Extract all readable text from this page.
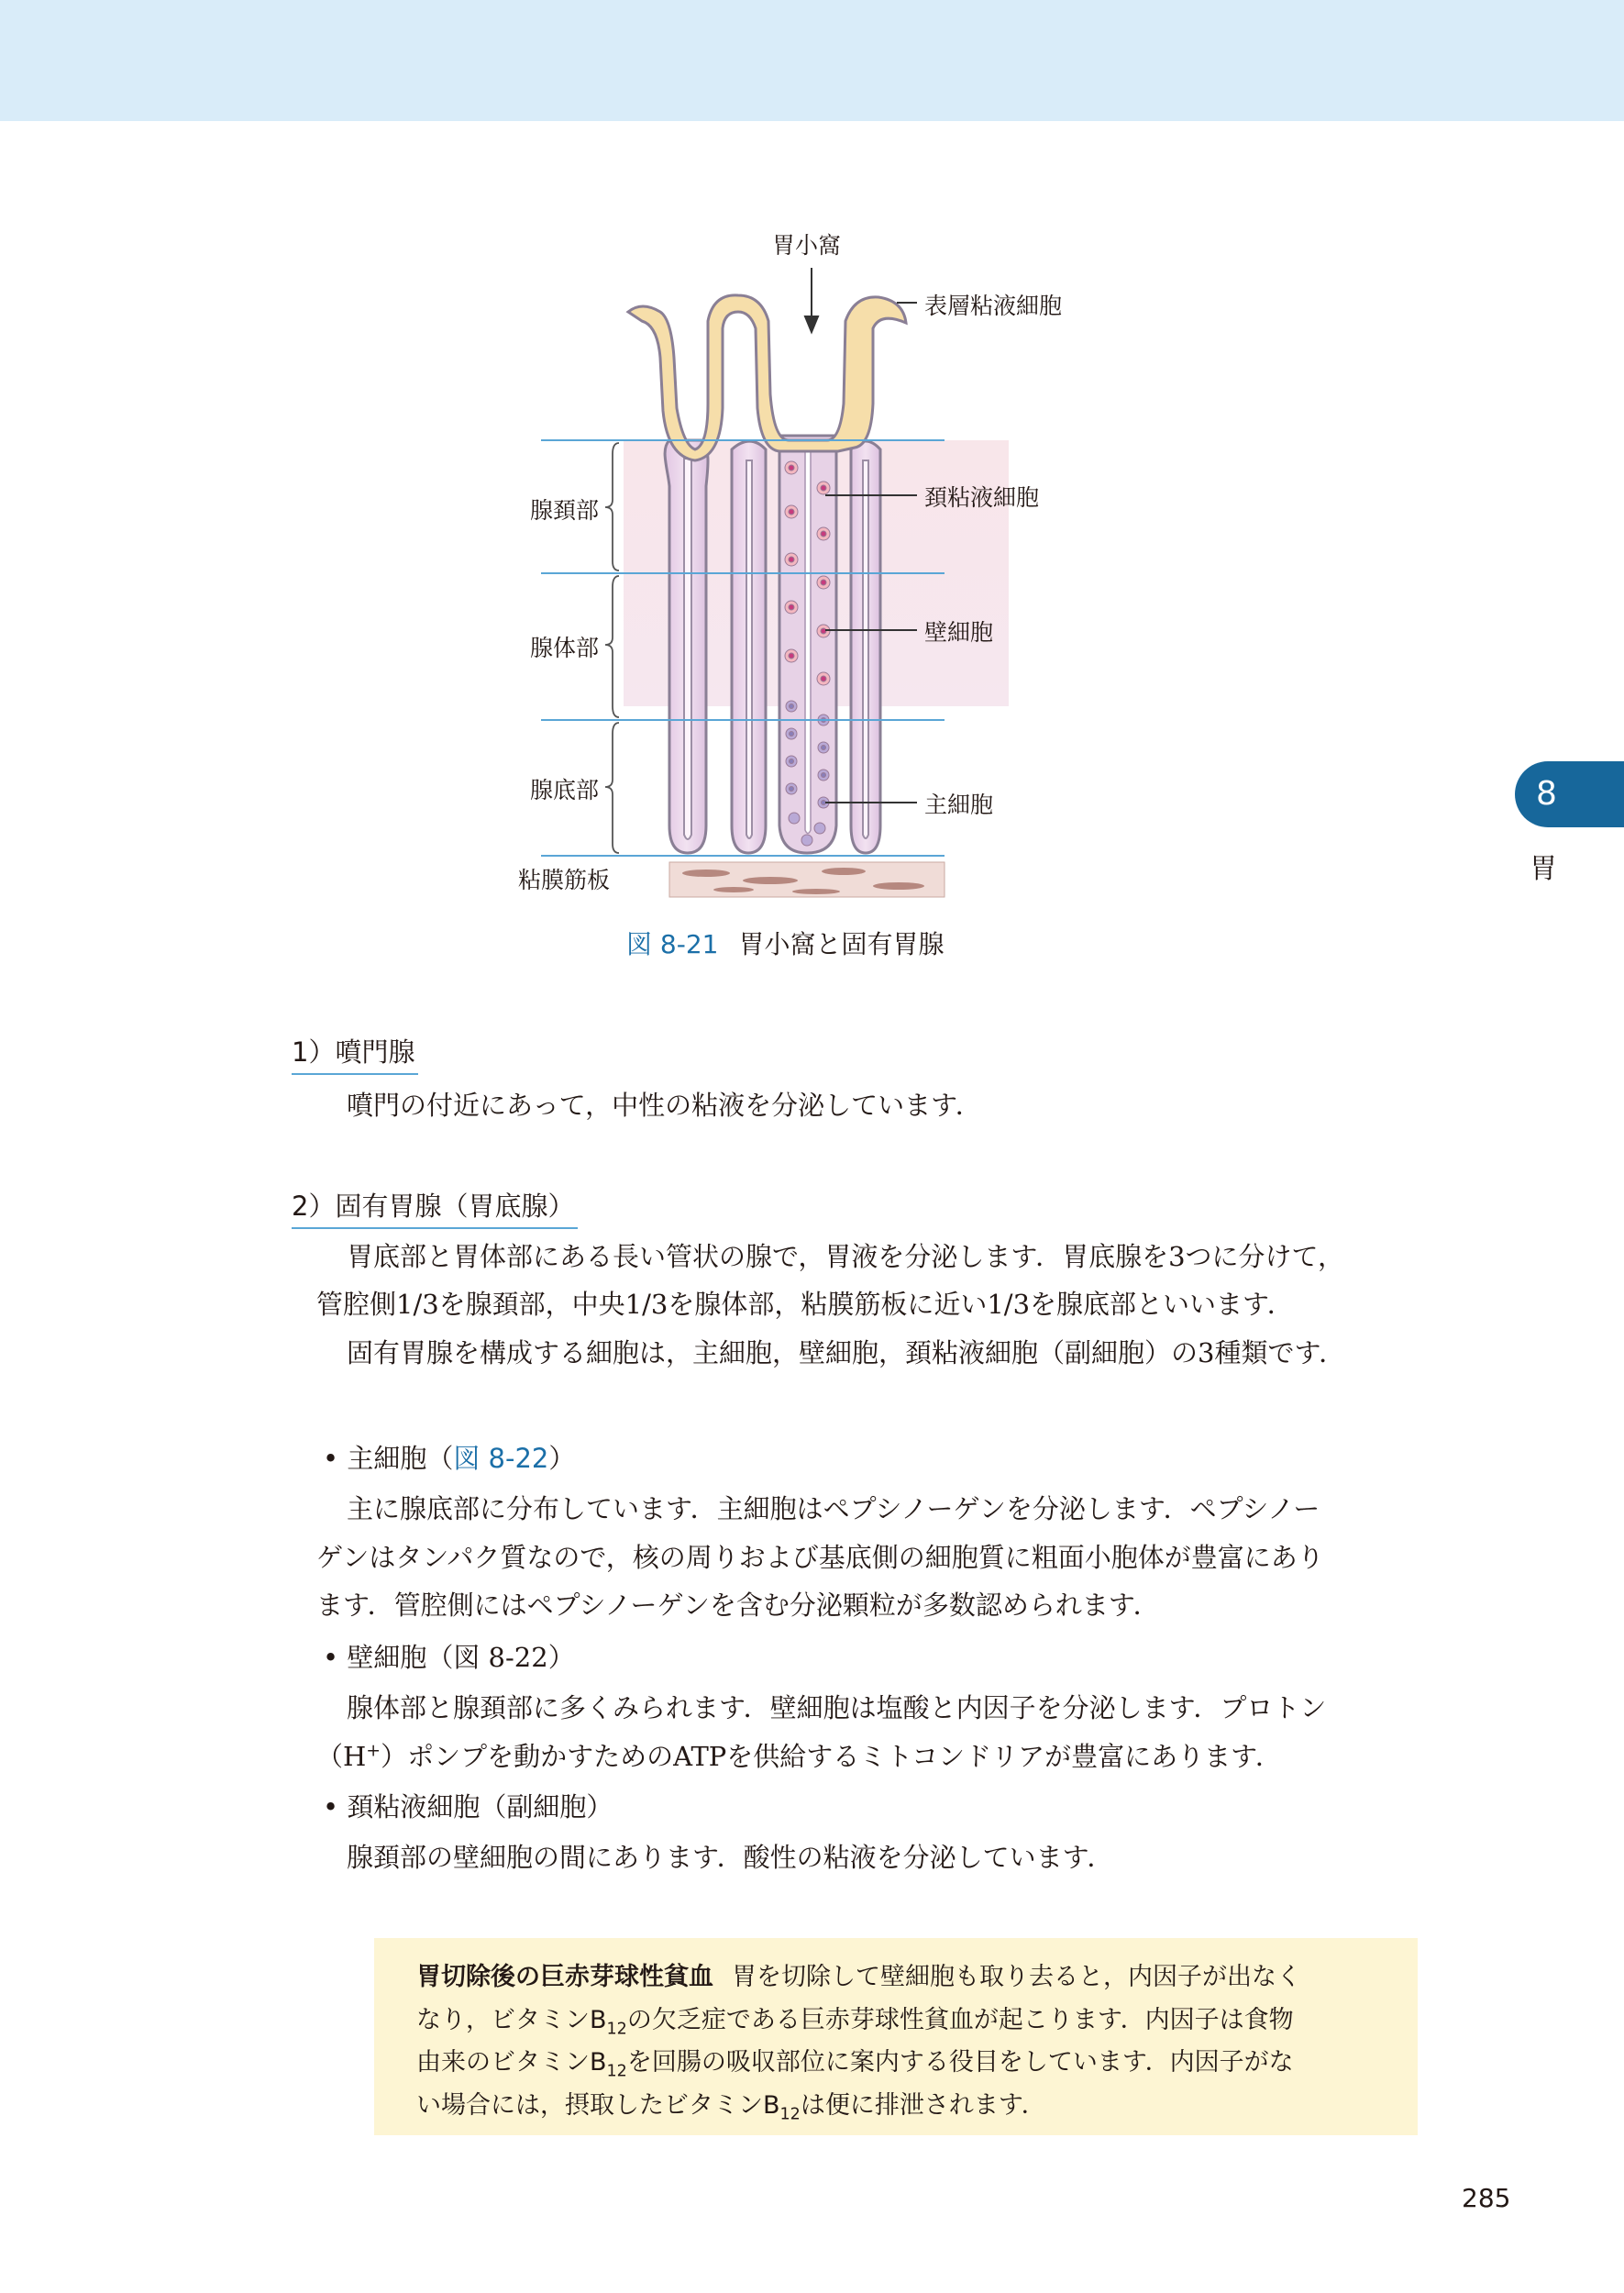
胃小窩
表層粘液細胞
頚粘液細胞
壁細胞
主細胞
腺頚部
腺体部
腺底部
粘膜筋板
図 8-21 胃小窩と固有胃腺
8
胃
1）噴門腺
噴門の付近にあって，中性の粘液を分泌しています．
2）固有胃腺（胃底腺）
胃底部と胃体部にある長い管状の腺で，胃液を分泌します．胃底腺を3つに分けて，
管腔側1/3を腺頚部，中央1/3を腺体部，粘膜筋板に近い1/3を腺底部といいます．
固有胃腺を構成する細胞は，主細胞，壁細胞，頚粘液細胞（副細胞）の3種類です．
• 主細胞（図 8-22）
主に腺底部に分布しています．主細胞はペプシノーゲンを分泌します．ペプシノー
ゲンはタンパク質なので，核の周りおよび基底側の細胞質に粗面小胞体が豊富にあり
ます．管腔側にはペプシノーゲンを含む分泌顆粒が多数認められます．
• 壁細胞（図 8-22）
腺体部と腺頚部に多くみられます．壁細胞は塩酸と内因子を分泌します．プロトン
（H+）ポンプを動かすためのATPを供給するミトコンドリアが豊富にあります．
• 頚粘液細胞（副細胞）
腺頚部の壁細胞の間にあります．酸性の粘液を分泌しています．
胃切除後の巨赤芽球性貧血 胃を切除して壁細胞も取り去ると，内因子が出なく
なり，ビタミン$B_{12}$の欠乏症である巨赤芽球性貧血が起こります．内因子は食物
由来のビタミン$B_{12}$を回腸の吸収部位に案内する役目をしています．内因子がな
い場合には，摂取したビタミン$B_{12}$は便に排泄されます．
285
